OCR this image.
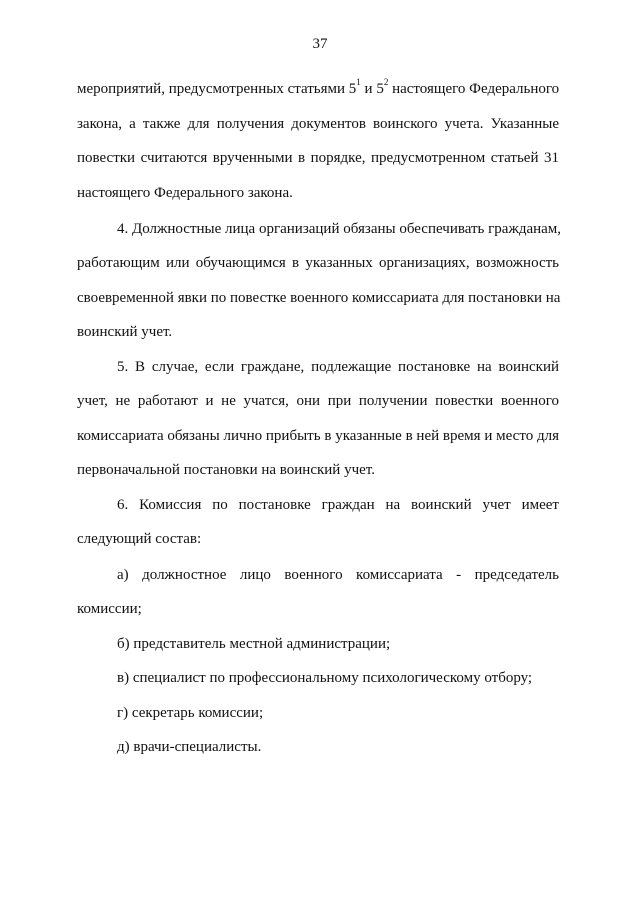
37
мероприятий, предусмотренных статьями $5^1$ и $5^2$ настоящего Федерального
закона, а также для получения документов воинского учета. Указанные
повестки считаются врученными в порядке, предусмотренном статьей 31
настоящего Федерального закона.
4. Должностные лица организаций обязаны обеспечивать гражданам,
работающим или обучающимся в указанных организациях, возможность
своевременной явки по повестке военного комиссариата для постановки на
воинский учет.
5. В случае, если граждане, подлежащие постановке на воинский
учет, не работают и не учатся, они при получении повестки военного
комиссариата обязаны лично прибыть в указанные в ней время и место для
первоначальной постановки на воинский учет.
6. Комиссия по постановке граждан на воинский учет имеет
следующий состав:
а) должностное лицо военного комиссариата - председатель
комиссии;
б) представитель местной администрации;
в) специалист по профессиональному психологическому отбору;
г) секретарь комиссии;
д) врачи-специалисты.
